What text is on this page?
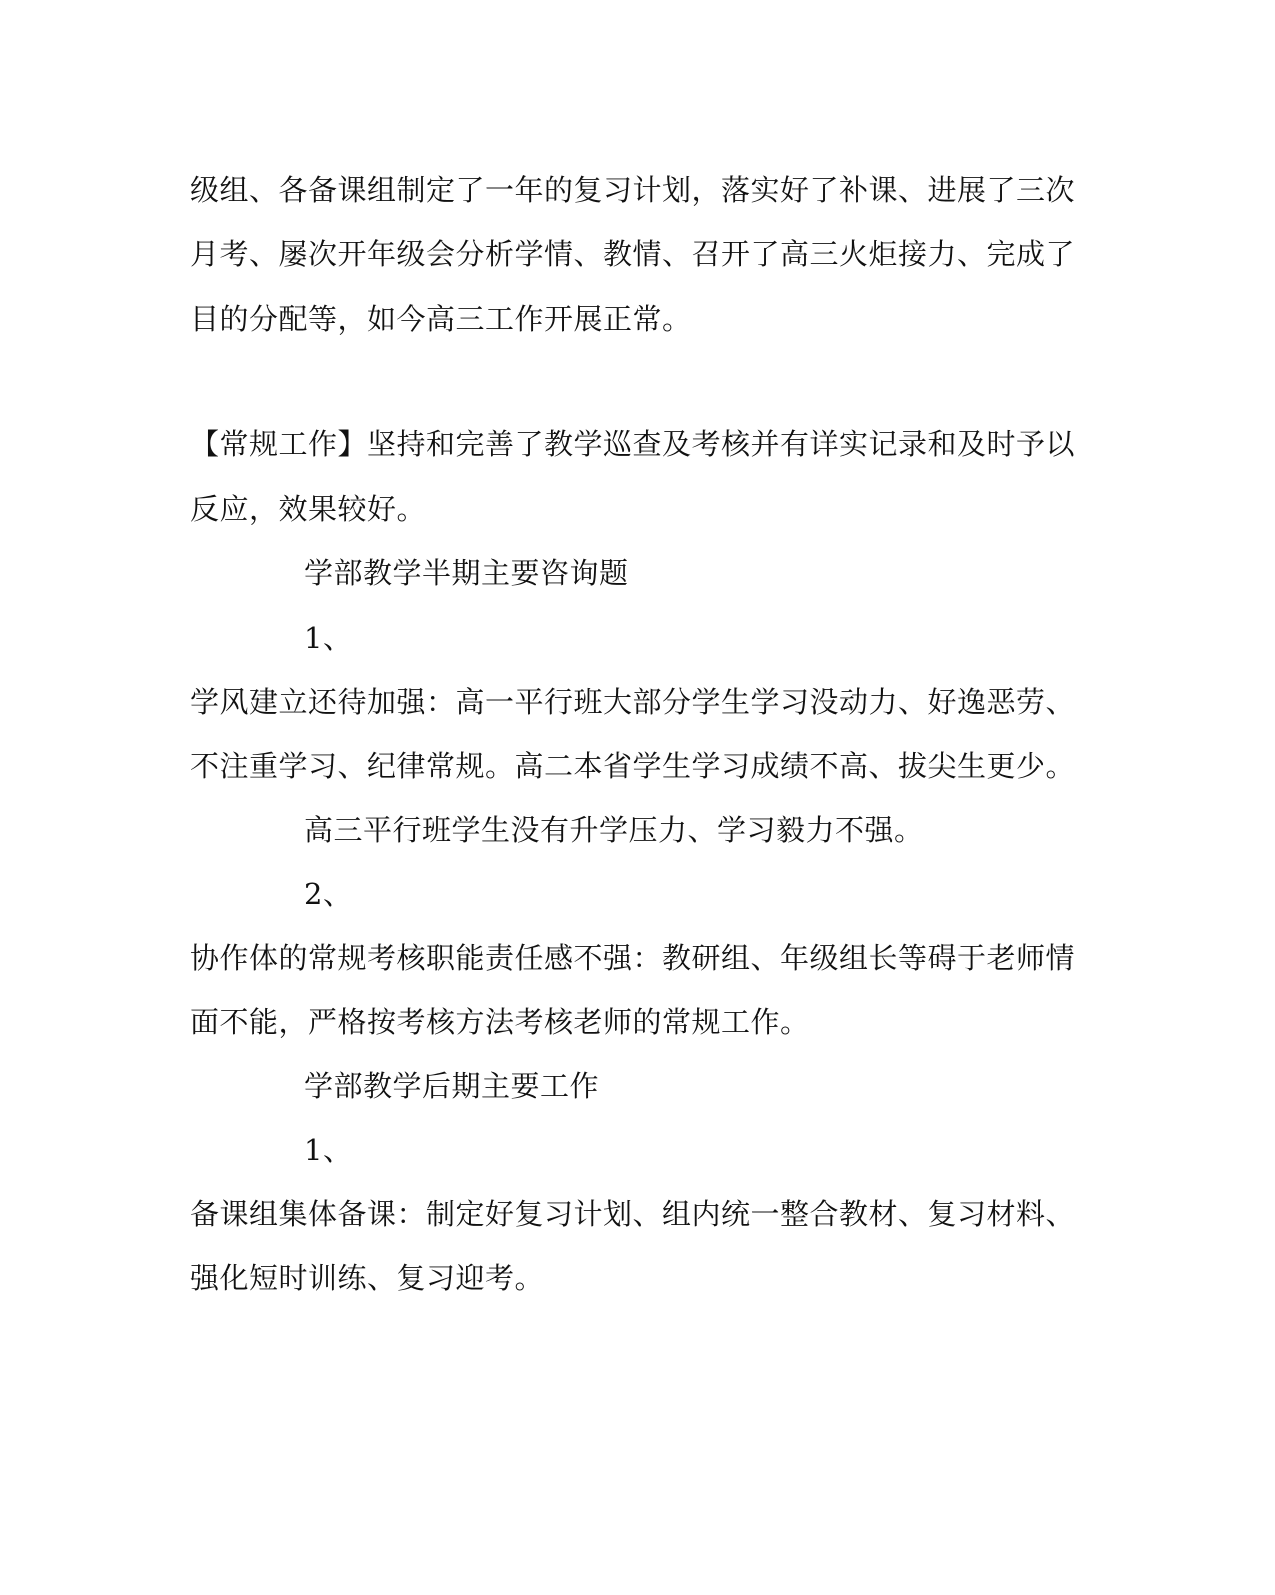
级组、各备课组制定了一年的复习计划，落实好了补课、进展了三次
月考、屡次开年级会分析学情、教情、召开了高三火炬接力、完成了
目的分配等，如今高三工作开展正常。
【常规工作】坚持和完善了教学巡查及考核并有详实记录和及时予以
反应，效果较好。
学部教学半期主要咨询题
1、
学风建立还待加强：高一平行班大部分学生学习没动力、好逸恶劳、
不注重学习、纪律常规。高二本省学生学习成绩不高、拔尖生更少。
高三平行班学生没有升学压力、学习毅力不强。
2、
协作体的常规考核职能责任感不强：教研组、年级组长等碍于老师情
面不能，严格按考核方法考核老师的常规工作。
学部教学后期主要工作
1、
备课组集体备课：制定好复习计划、组内统一整合教材、复习材料、
强化短时训练、复习迎考。
